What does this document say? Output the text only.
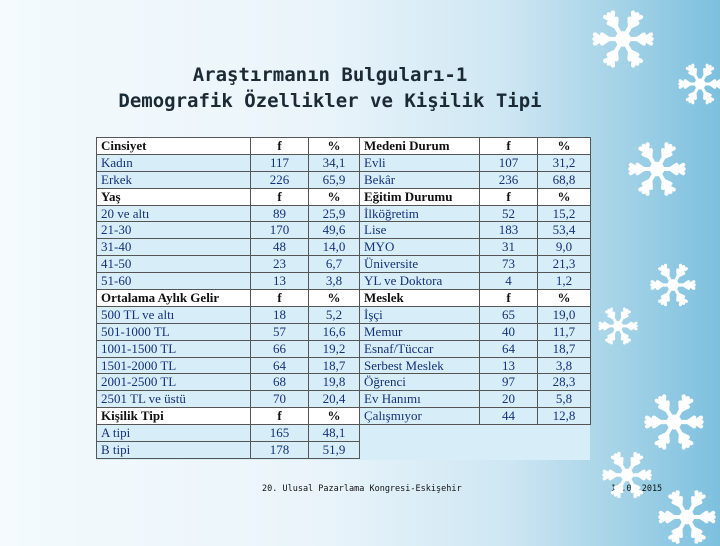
Araştırmanın Bulguları-1
Demografik Özellikler ve Kişilik Tipi
Cinsiyet	f	%	Medeni Durum	f	%
Kadın	117	34,1	Evli	107	31,2
Erkek	226	65,9	Bekâr	236	68,8
Yaş	f	%	Eğitim Durumu	f	%
20 ve altı	89	25,9	İlköğretim	52	15,2
21-30	170	49,6	Lise	183	53,4
31-40	48	14,0	MYO	31	9,0
41-50	23	6,7	Üniversite	73	21,3
51-60	13	3,8	YL ve Doktora	4	1,2
Ortalama Aylık Gelir	f	%	Meslek	f	%
500 TL ve altı	18	5,2	İşçi	65	19,0
501-1000 TL	57	16,6	Memur	40	11,7
1001-1500 TL	66	19,2	Esnaf/Tüccar	64	18,7
1501-2000 TL	64	18,7	Serbest Meslek	13	3,8
2001-2500 TL	68	19,8	Öğrenci	97	28,3
2501 TL ve üstü	70	20,4	Ev Hanımı	20	5,8
Kişilik Tipi	f	%	Çalışmıyor	44	12,8
A tipi	165	48,1			
B tipi	178	51,9			
20. Ulusal Pazarlama Kongresi-Eskişehir	12.06.2015
